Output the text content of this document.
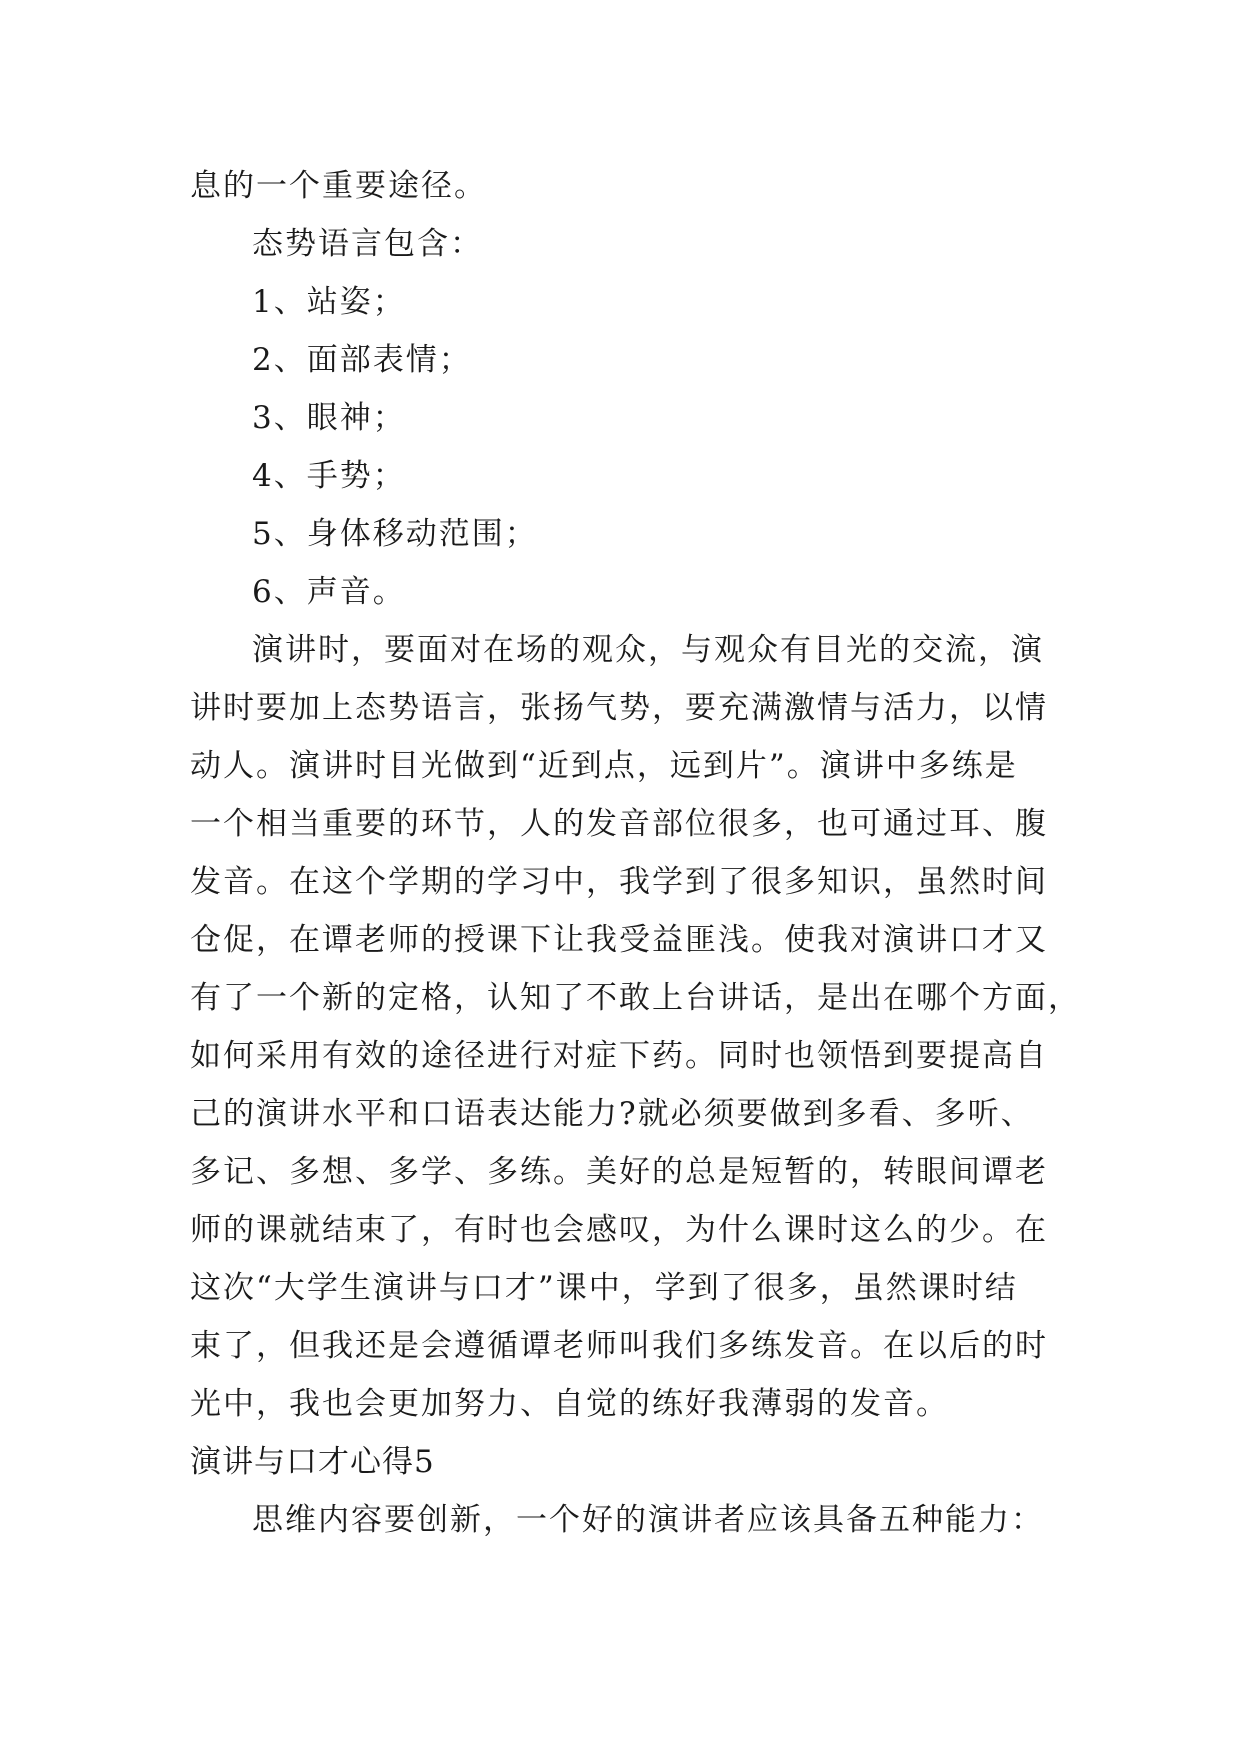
息的一个重要途径。
态势语言包含：
1、站姿；
2、面部表情；
3、眼神；
4、手势；
5、身体移动范围；
6、声音。
演讲时，要面对在场的观众，与观众有目光的交流，演
讲时要加上态势语言，张扬气势，要充满激情与活力，以情
动人。演讲时目光做到“近到点，远到片”。演讲中多练是
一个相当重要的环节，人的发音部位很多，也可通过耳、腹
发音。在这个学期的学习中，我学到了很多知识，虽然时间
仓促，在谭老师的授课下让我受益匪浅。使我对演讲口才又
有了一个新的定格，认知了不敢上台讲话，是出在哪个方面，
如何采用有效的途径进行对症下药。同时也领悟到要提高自
己的演讲水平和口语表达能力?就必须要做到多看、多听、
多记、多想、多学、多练。美好的总是短暂的，转眼间谭老
师的课就结束了，有时也会感叹，为什么课时这么的少。在
这次“大学生演讲与口才”课中，学到了很多，虽然课时结
束了，但我还是会遵循谭老师叫我们多练发音。在以后的时
光中，我也会更加努力、自觉的练好我薄弱的发音。
演讲与口才心得5
思维内容要创新，一个好的演讲者应该具备五种能力：
